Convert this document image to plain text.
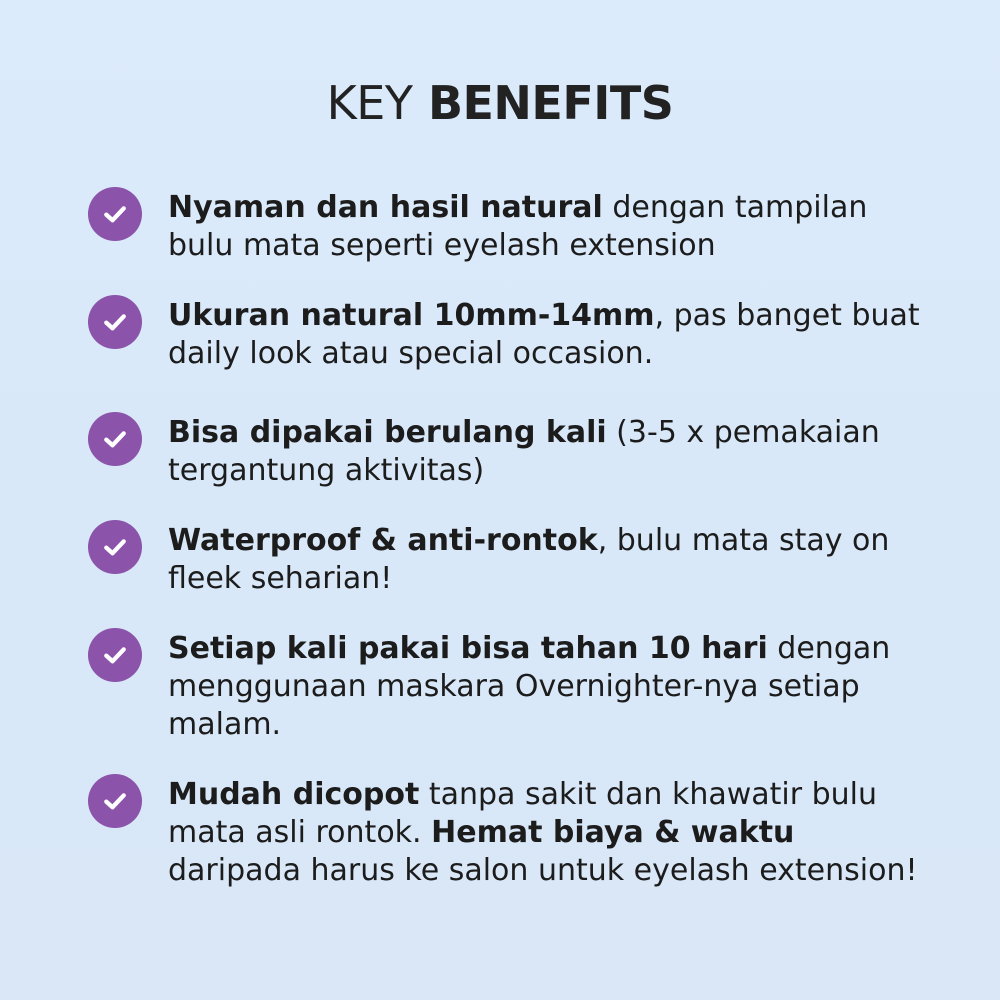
KEY BENEFITS

Nyaman dan hasil natural dengan tampilan bulu mata seperti eyelash extension

Ukuran natural 10mm-14mm, pas banget buat daily look atau special occasion.

Bisa dipakai berulang kali (3-5 x pemakaian tergantung aktivitas)

Waterproof & anti-rontok, bulu mata stay on fleek seharian!

Setiap kali pakai bisa tahan 10 hari dengan menggunaan maskara Overnighter-nya setiap malam.

Mudah dicopot tanpa sakit dan khawatir bulu mata asli rontok. Hemat biaya & waktu daripada harus ke salon untuk eyelash extension!
